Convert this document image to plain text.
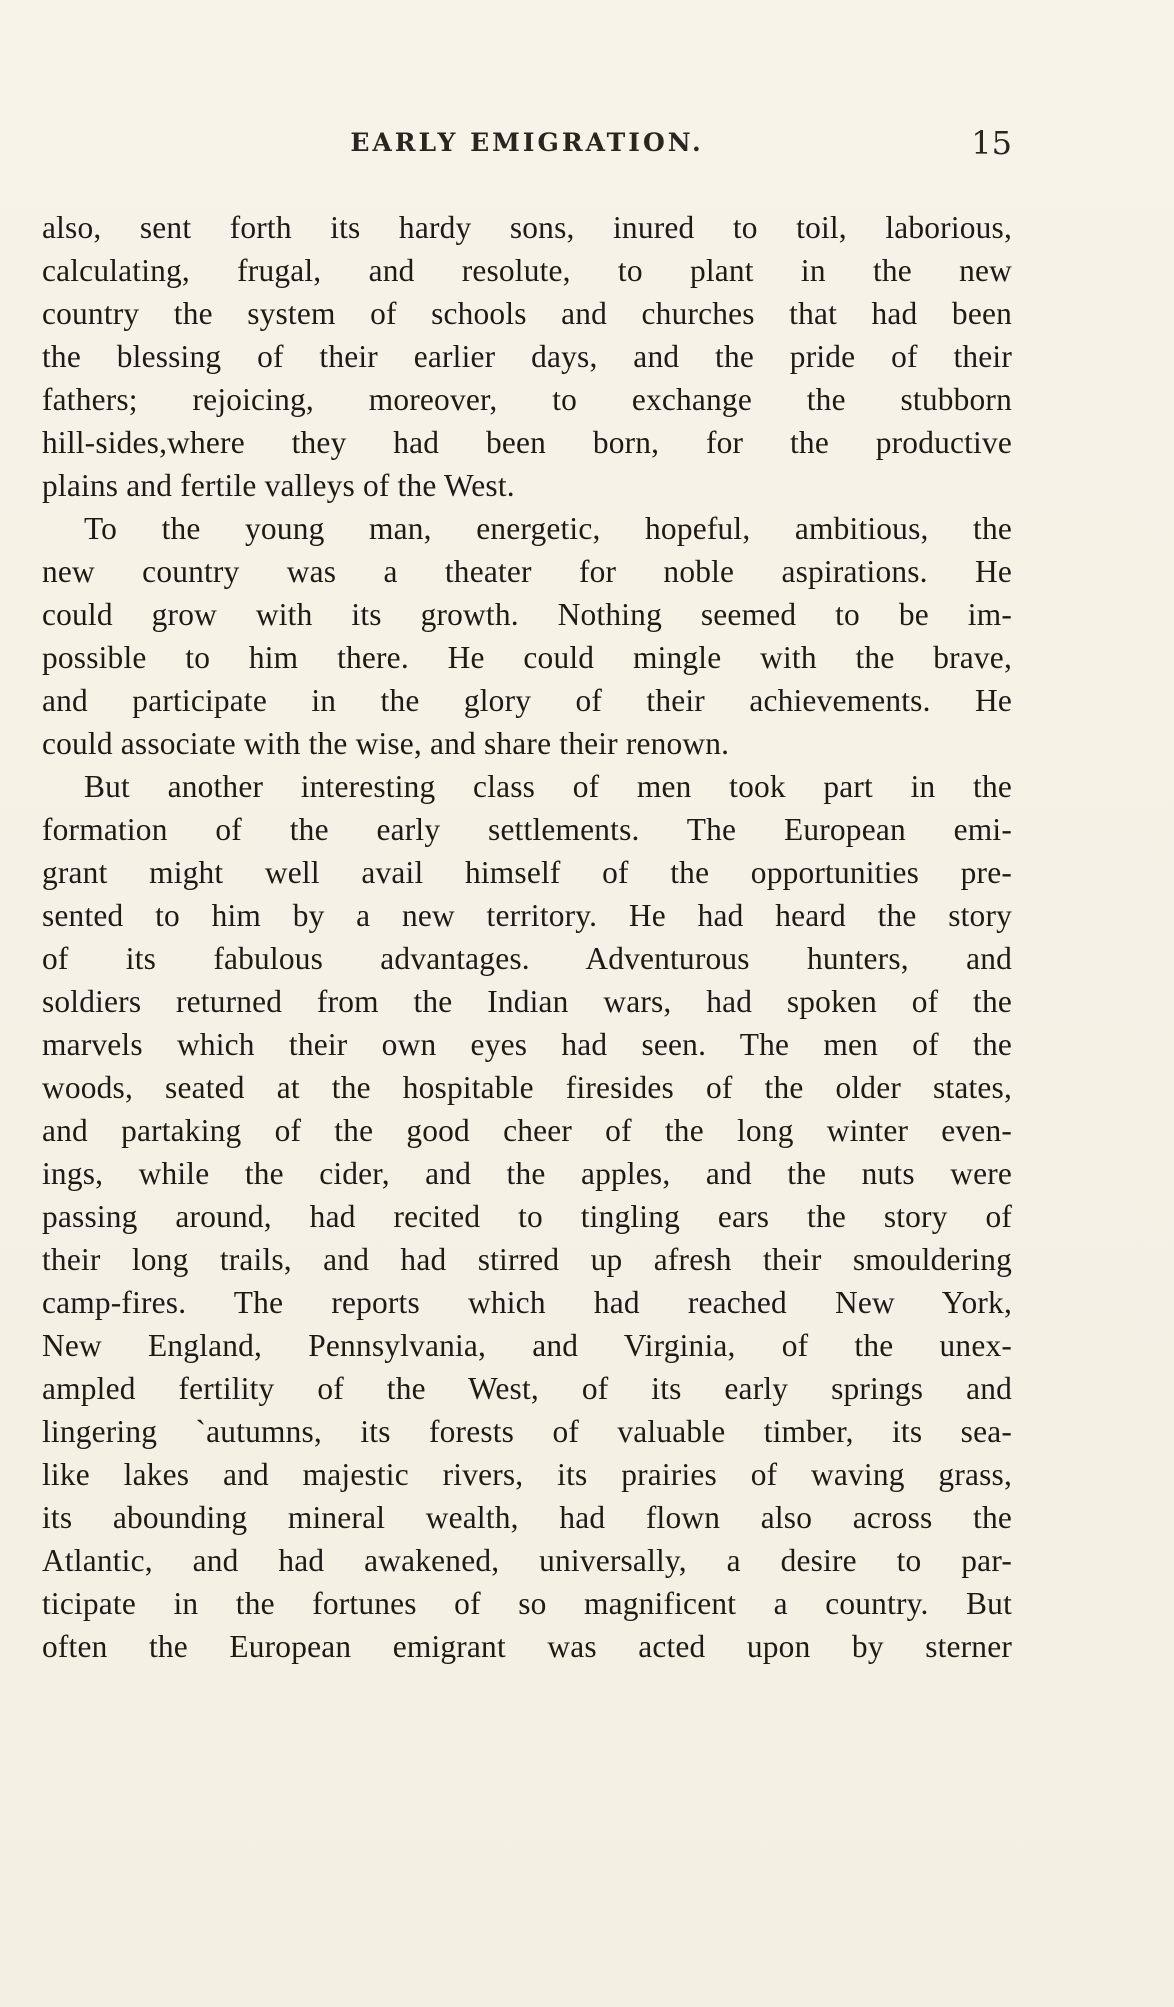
EARLY EMIGRATION.	15
also, sent forth its hardy sons, inured to toil, laborious,
calculating, frugal, and resolute, to plant in the new
country the system of schools and churches that had been
the blessing of their earlier days, and the pride of their
fathers; rejoicing, moreover, to exchange the stubborn
hill-sides,where they had been born, for the productive
plains and fertile valleys of the West.
To the young man, energetic, hopeful, ambitious, the
new country was a theater for noble aspirations. He
could grow with its growth. Nothing seemed to be im-
possible to him there. He could mingle with the brave,
and participate in the glory of their achievements. He
could associate with the wise, and share their renown.
But another interesting class of men took part in the
formation of the early settlements. The European emi-
grant might well avail himself of the opportunities pre-
sented to him by a new territory. He had heard the story
of its fabulous advantages. Adventurous hunters, and
soldiers returned from the Indian wars, had spoken of the
marvels which their own eyes had seen. The men of the
woods, seated at the hospitable firesides of the older states,
and partaking of the good cheer of the long winter even-
ings, while the cider, and the apples, and the nuts were
passing around, had recited to tingling ears the story of
their long trails, and had stirred up afresh their smouldering
camp-fires. The reports which had reached New York,
New England, Pennsylvania, and Virginia, of the unex-
ampled fertility of the West, of its early springs and
lingering `autumns, its forests of valuable timber, its sea-
like lakes and majestic rivers, its prairies of waving grass,
its abounding mineral wealth, had flown also across the
Atlantic, and had awakened, universally, a desire to par-
ticipate in the fortunes of so magnificent a country. But
often the European emigrant was acted upon by sterner
